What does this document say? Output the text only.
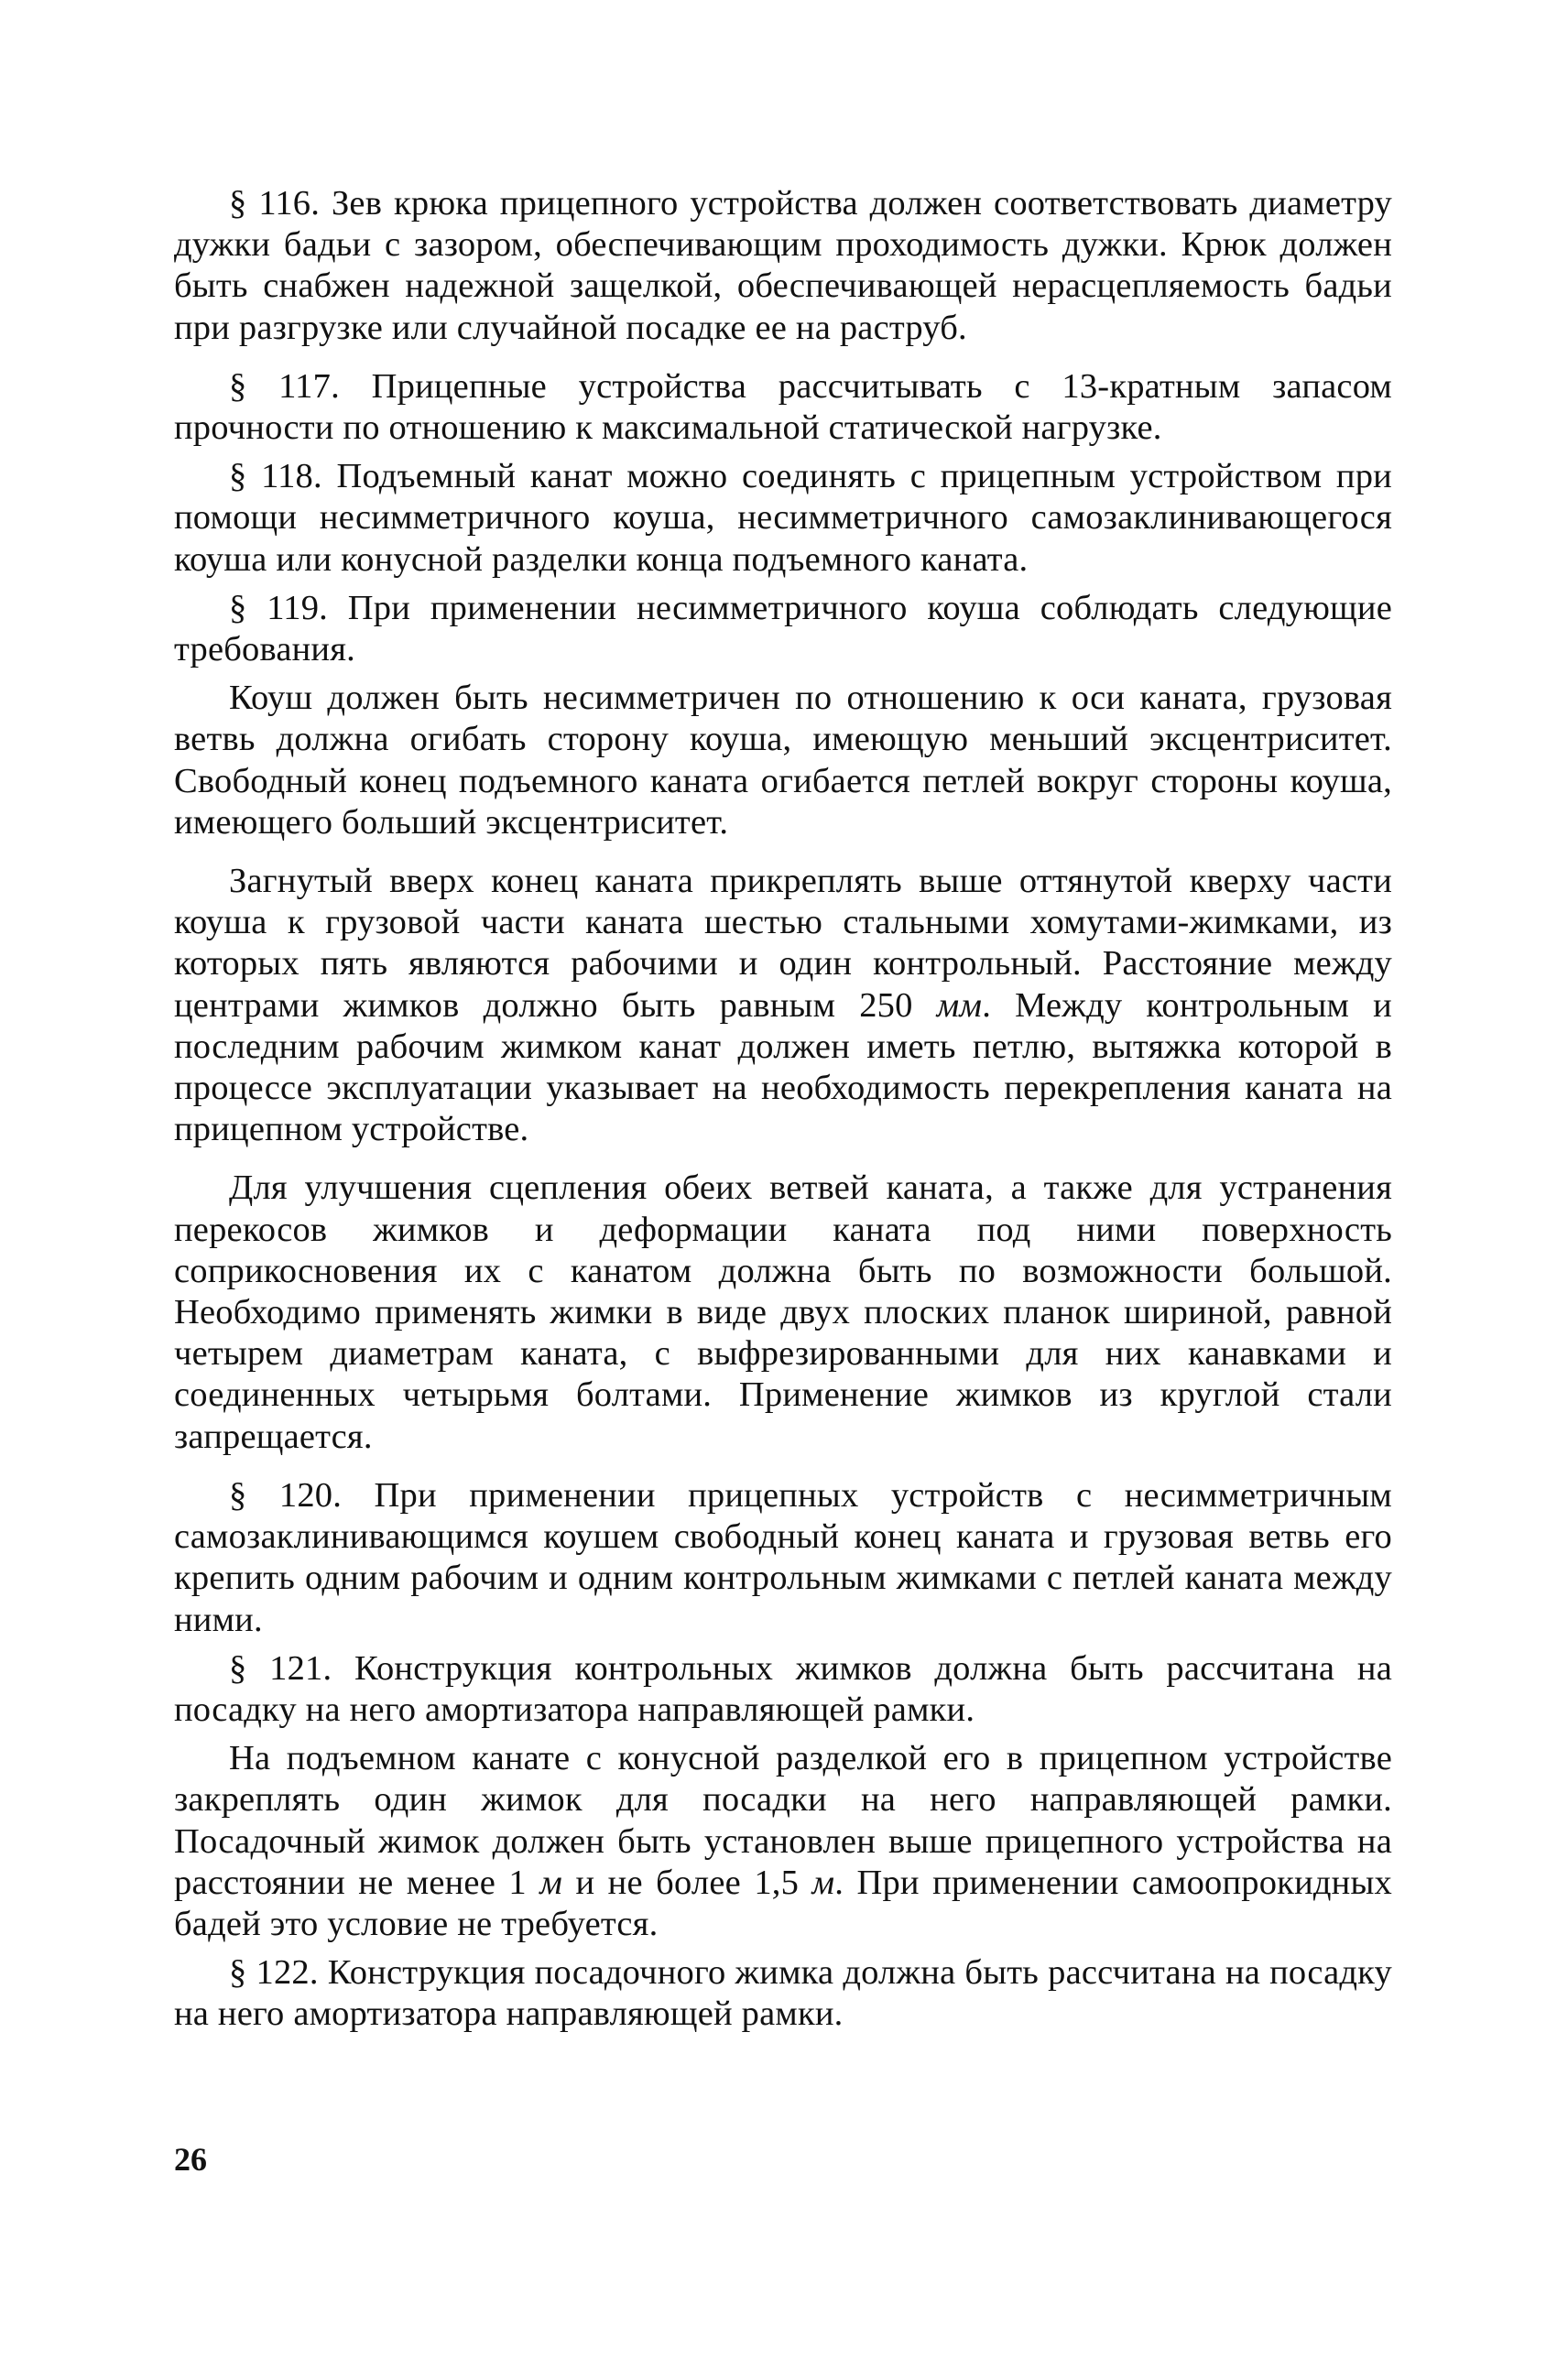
§ 116. Зев крюка прицепного устройства должен соответствовать диаметру дужки бадьи с зазором, обеспечивающим проходимость дужки. Крюк должен быть снабжен надежной защелкой, обеспечивающей нерасцепляемость бадьи при разгрузке или случайной посадке ее на раструб.

§ 117. Прицепные устройства рассчитывать с 13-кратным запасом прочности по отношению к максимальной статической нагрузке.

§ 118. Подъемный канат можно соединять с прицепным устройством при помощи несимметричного коуша, несимметричного самозаклинивающегося коуша или конусной разделки конца подъемного каната.

§ 119. При применении несимметричного коуша соблюдать следующие требования.

Коуш должен быть несимметричен по отношению к оси каната, грузовая ветвь должна огибать сторону коуша, имеющую меньший эксцентриситет. Свободный конец подъемного каната огибается петлей вокруг стороны коуша, имеющего больший эксцентриситет.

Загнутый вверх конец каната прикреплять выше оттянутой кверху части коуша к грузовой части каната шестью стальными хомутами-жимками, из которых пять являются рабочими и один контрольный. Расстояние между центрами жимков должно быть равным 250 мм. Между контрольным и последним рабочим жимком канат должен иметь петлю, вытяжка которой в процессе эксплуатации указывает на необходимость перекрепления каната на прицепном устройстве.

Для улучшения сцепления обеих ветвей каната, а также для устранения перекосов жимков и деформации каната под ними поверхность соприкосновения их с канатом должна быть по возможности большой. Необходимо применять жимки в виде двух плоских планок шириной, равной четырем диаметрам каната, с выфрезированными для них канавками и соединенных четырьмя болтами. Применение жимков из круглой стали запрещается.

§ 120. При применении прицепных устройств с несимметричным самозаклинивающимся коушем свободный конец каната и грузовая ветвь его крепить одним рабочим и одним контрольным жимками с петлей каната между ними.

§ 121. Конструкция контрольных жимков должна быть рассчитана на посадку на него амортизатора направляющей рамки.

На подъемном канате с конусной разделкой его в прицепном устройстве закреплять один жимок для посадки на него направляющей рамки. Посадочный жимок должен быть установлен выше прицепного устройства на расстоянии не менее 1 м и не более 1,5 м. При применении самоопрокидных бадей это условие не требуется.

§ 122. Конструкция посадочного жимка должна быть рассчитана на посадку на него амортизатора направляющей рамки.

26
